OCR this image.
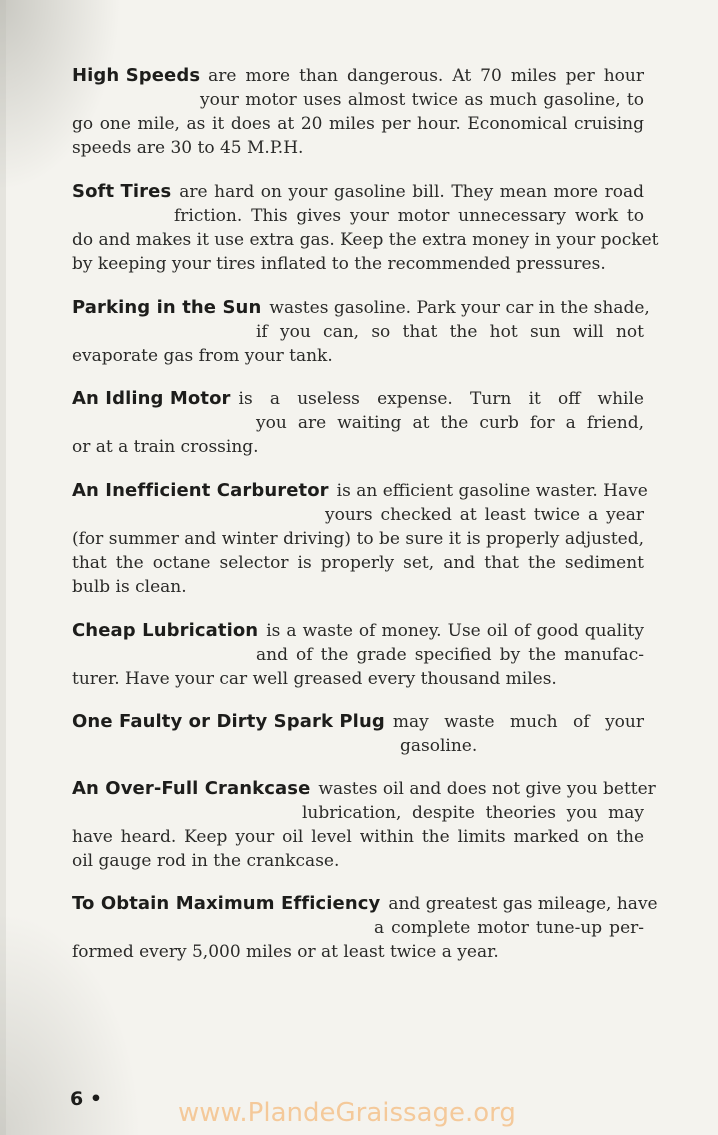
High Speeds are more than dangerous. At 70 miles per hour
your motor uses almost twice as much gasoline, to
go one mile, as it does at 20 miles per hour. Economical cruising
speeds are 30 to 45 M.P.H.
Soft Tires are hard on your gasoline bill. They mean more road
friction. This gives your motor unnecessary work to
do and makes it use extra gas. Keep the extra money in your pocket
by keeping your tires inflated to the recommended pressures.
Parking in the Sun wastes gasoline. Park your car in the shade,
if you can, so that the hot sun will not
evaporate gas from your tank.
An Idling Motor is a useless expense. Turn it off while
you are waiting at the curb for a friend,
or at a train crossing.
An Inefficient Carburetor is an efficient gasoline waster. Have
yours checked at least twice a year
(for summer and winter driving) to be sure it is properly adjusted,
that the octane selector is properly set, and that the sediment
bulb is clean.
Cheap Lubrication is a waste of money. Use oil of good quality
and of the grade specified by the manufac-
turer. Have your car well greased every thousand miles.
One Faulty or Dirty Spark Plug may waste much of your
gasoline.
An Over-Full Crankcase wastes oil and does not give you better
lubrication, despite theories you may
have heard. Keep your oil level within the limits marked on the
oil gauge rod in the crankcase.
To Obtain Maximum Efficiency and greatest gas mileage, have
a complete motor tune-up per-
formed every 5,000 miles or at least twice a year.
6 •	www.PlandeGraissage.org
